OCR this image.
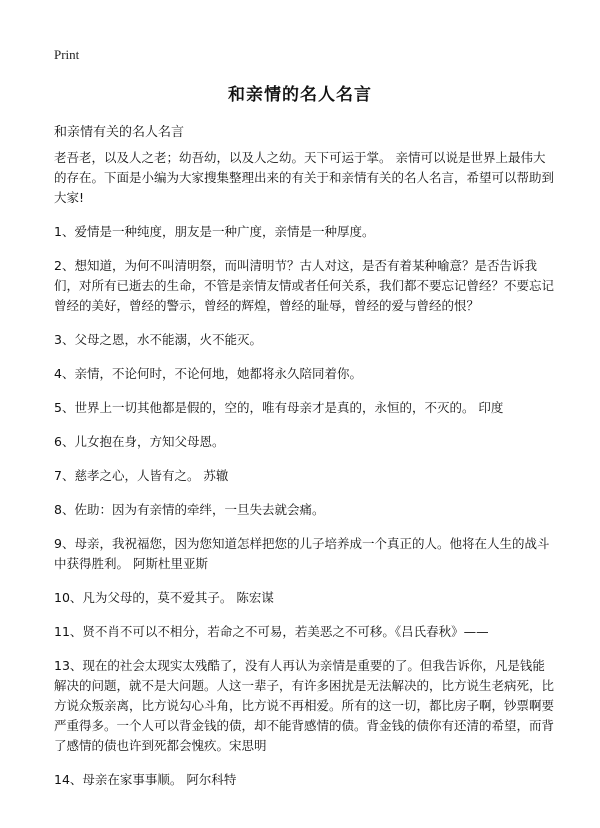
Print
和亲情的名人名言

和亲情有关的名人名言

老吾老，以及人之老；幼吾幼，以及人之幼。天下可运于掌。 亲情可以说是世界上最伟大的存在。下面是小编为大家搜集整理出来的有关于和亲情有关的名人名言，希望可以帮助到大家!

1、爱情是一种纯度，朋友是一种广度，亲情是一种厚度。

2、想知道，为何不叫清明祭，而叫清明节？古人对这，是否有着某种喻意？是否告诉我们，对所有已逝去的生命，不管是亲情友情或者任何关系，我们都不要忘记曾经？不要忘记曾经的美好，曾经的警示，曾经的辉煌，曾经的耻辱，曾经的爱与曾经的恨？

3、父母之恩，水不能溺，火不能灭。

4、亲情，不论何时，不论何地，她都将永久陪同着你。

5、世界上一切其他都是假的，空的，唯有母亲才是真的，永恒的，不灭的。 印度

6、儿女抱在身，方知父母恩。

7、慈孝之心，人皆有之。 苏辙

8、佐助：因为有亲情的牵绊，一旦失去就会痛。

9、母亲，我祝福您，因为您知道怎样把您的儿子培养成一个真正的人。他将在人生的战斗中获得胜利。 阿斯杜里亚斯

10、凡为父母的，莫不爱其子。 陈宏谋

11、贤不肖不可以不相分，若命之不可易，若美恶之不可移。《吕氏春秋》——

13、现在的社会太现实太残酷了，没有人再认为亲情是重要的了。但我告诉你，凡是钱能解决的问题，就不是大问题。人这一辈子，有许多困扰是无法解决的，比方说生老病死，比方说众叛亲离，比方说勾心斗角，比方说不再相爱。所有的这一切，都比房子啊，钞票啊要严重得多。一个人可以背金钱的债，却不能背感情的债。背金钱的债你有还清的希望，而背了感情的债也许到死都会愧疚。宋思明

14、母亲在家事事顺。 阿尔科特
